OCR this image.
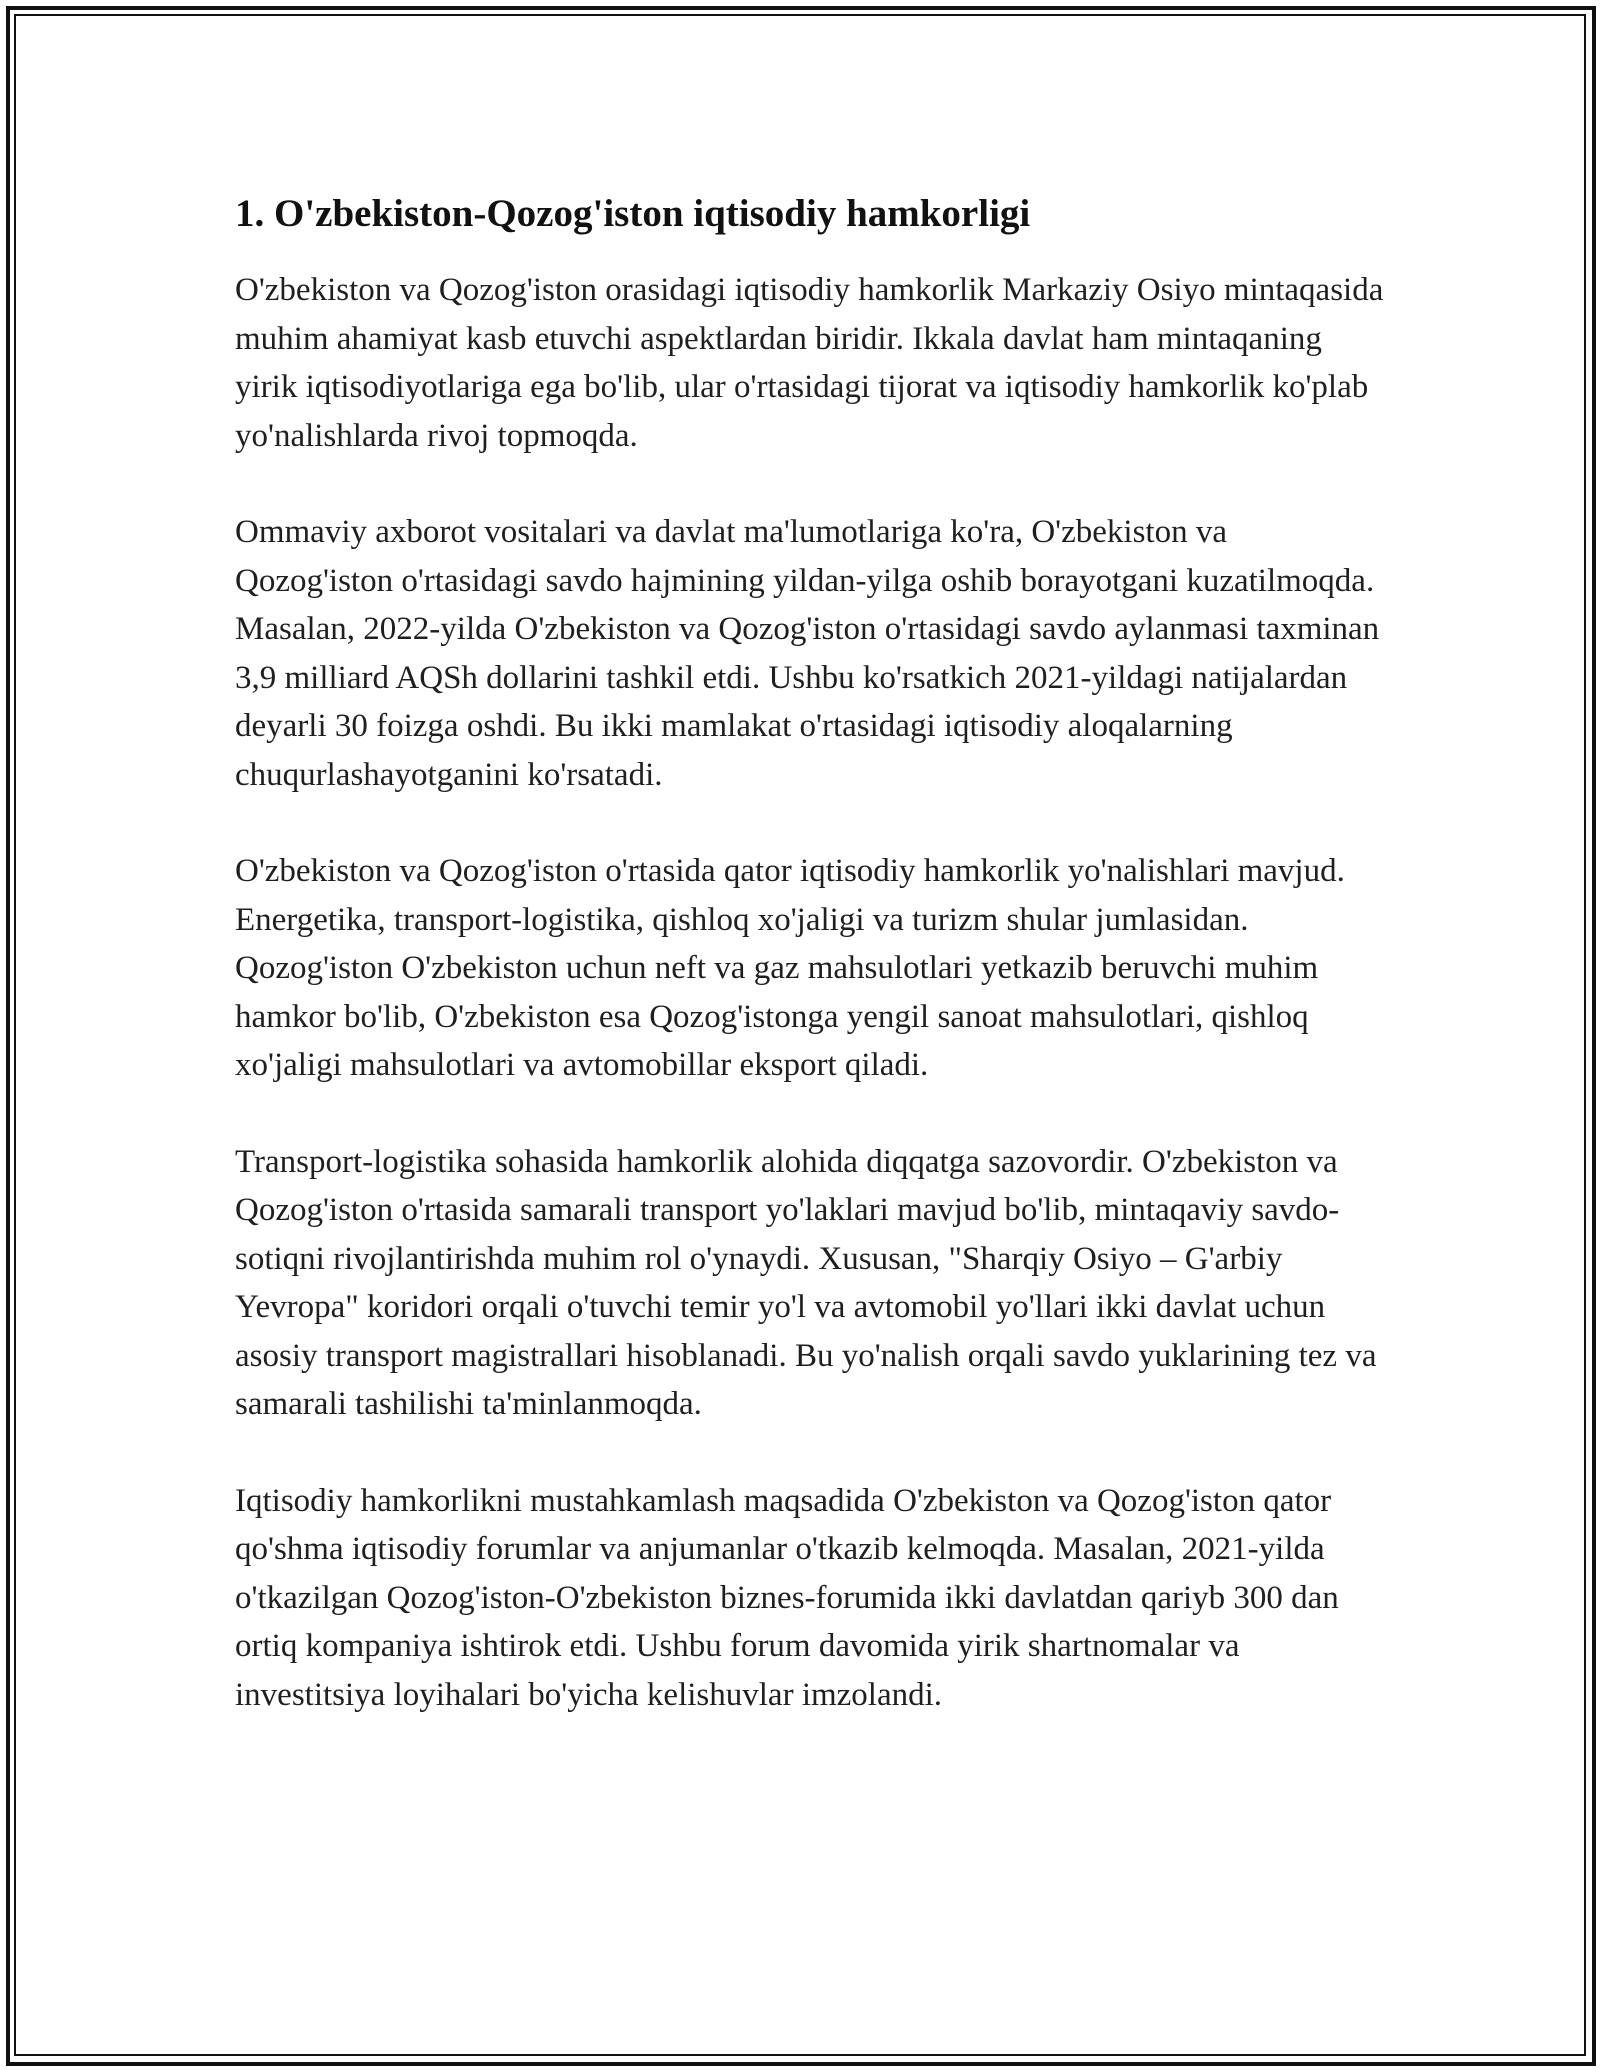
1. O'zbekiston-Qozog'iston iqtisodiy hamkorligi

O'zbekiston va Qozog'iston orasidagi iqtisodiy hamkorlik Markaziy Osiyo mintaqasida muhim ahamiyat kasb etuvchi aspektlardan biridir. Ikkala davlat ham mintaqaning yirik iqtisodiyotlariga ega bo'lib, ular o'rtasidagi tijorat va iqtisodiy hamkorlik ko'plab yo'nalishlarda rivoj topmoqda.

Ommaviy axborot vositalari va davlat ma'lumotlariga ko'ra, O'zbekiston va Qozog'iston o'rtasidagi savdo hajmining yildan-yilga oshib borayotgani kuzatilmoqda. Masalan, 2022-yilda O'zbekiston va Qozog'iston o'rtasidagi savdo aylanmasi taxminan 3,9 milliard AQSh dollarini tashkil etdi. Ushbu ko'rsatkich 2021-yildagi natijalardan deyarli 30 foizga oshdi. Bu ikki mamlakat o'rtasidagi iqtisodiy aloqalarning chuqurlashayotganini ko'rsatadi.

O'zbekiston va Qozog'iston o'rtasida qator iqtisodiy hamkorlik yo'nalishlari mavjud. Energetika, transport-logistika, qishloq xo'jaligi va turizm shular jumlasidan. Qozog'iston O'zbekiston uchun neft va gaz mahsulotlari yetkazib beruvchi muhim hamkor bo'lib, O'zbekiston esa Qozog'istonga yengil sanoat mahsulotlari, qishloq xo'jaligi mahsulotlari va avtomobillar eksport qiladi.

Transport-logistika sohasida hamkorlik alohida diqqatga sazovordir. O'zbekiston va Qozog'iston o'rtasida samarali transport yo'laklari mavjud bo'lib, mintaqaviy savdo-sotiqni rivojlantirishda muhim rol o'ynaydi. Xususan, "Sharqiy Osiyo – G'arbiy Yevropa" koridori orqali o'tuvchi temir yo'l va avtomobil yo'llari ikki davlat uchun asosiy transport magistrallari hisoblanadi. Bu yo'nalish orqali savdo yuklarining tez va samarali tashilishi ta'minlanmoqda.

Iqtisodiy hamkorlikni mustahkamlash maqsadida O'zbekiston va Qozog'iston qator qo'shma iqtisodiy forumlar va anjumanlar o'tkazib kelmoqda. Masalan, 2021-yilda o'tkazilgan Qozog'iston-O'zbekiston biznes-forumida ikki davlatdan qariyb 300 dan ortiq kompaniya ishtirok etdi. Ushbu forum davomida yirik shartnomalar va investitsiya loyihalari bo'yicha kelishuvlar imzolandi.
